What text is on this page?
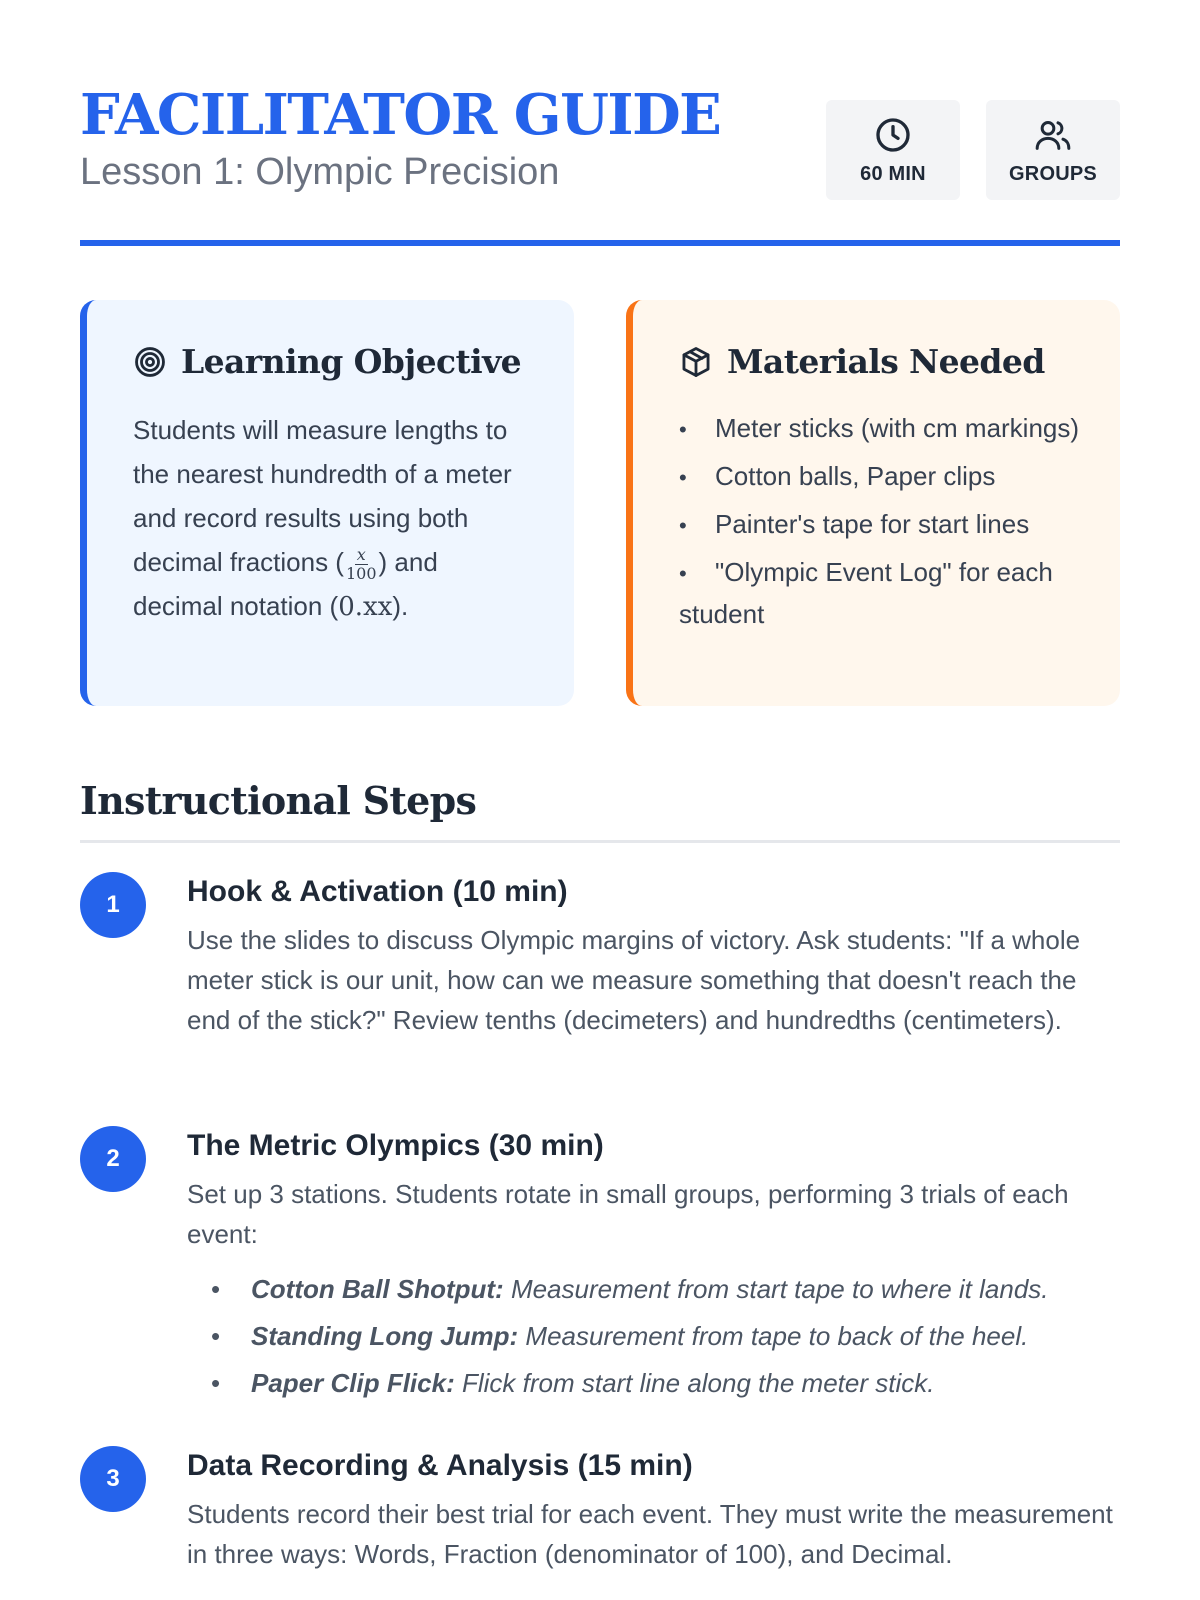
FACILITATOR GUIDE
Lesson 1: Olympic Precision	60 MIN	GROUPS
Learning Objective

Students will measure lengths to the nearest hundredth of a meter and record results using both decimal fractions ( $\frac{x}{100}$ ) and decimal notation (0.xx).

Materials Needed
• Meter sticks (with cm markings)
• Cotton balls, Paper clips
• Painter's tape for start lines
• "Olympic Event Log" for each student
Instructional Steps
1	Hook & Activation (10 min)

Use the slides to discuss Olympic margins of victory. Ask students: "If a whole meter stick is our unit, how can we measure something that doesn't reach the end of the stick?" Review tenths (decimeters) and hundredths (centimeters).

2	The Metric Olympics (30 min)

Set up 3 stations. Students rotate in small groups, performing 3 trials of each event:

• Cotton Ball Shotput: Measurement from start tape to where it lands.
• Standing Long Jump: Measurement from tape to back of the heel.
• Paper Clip Flick: Flick from start line along the meter stick.
3	Data Recording & Analysis (15 min)

Students record their best trial for each event. They must write the measurement in three ways: Words, Fraction (denominator of 100), and Decimal.
